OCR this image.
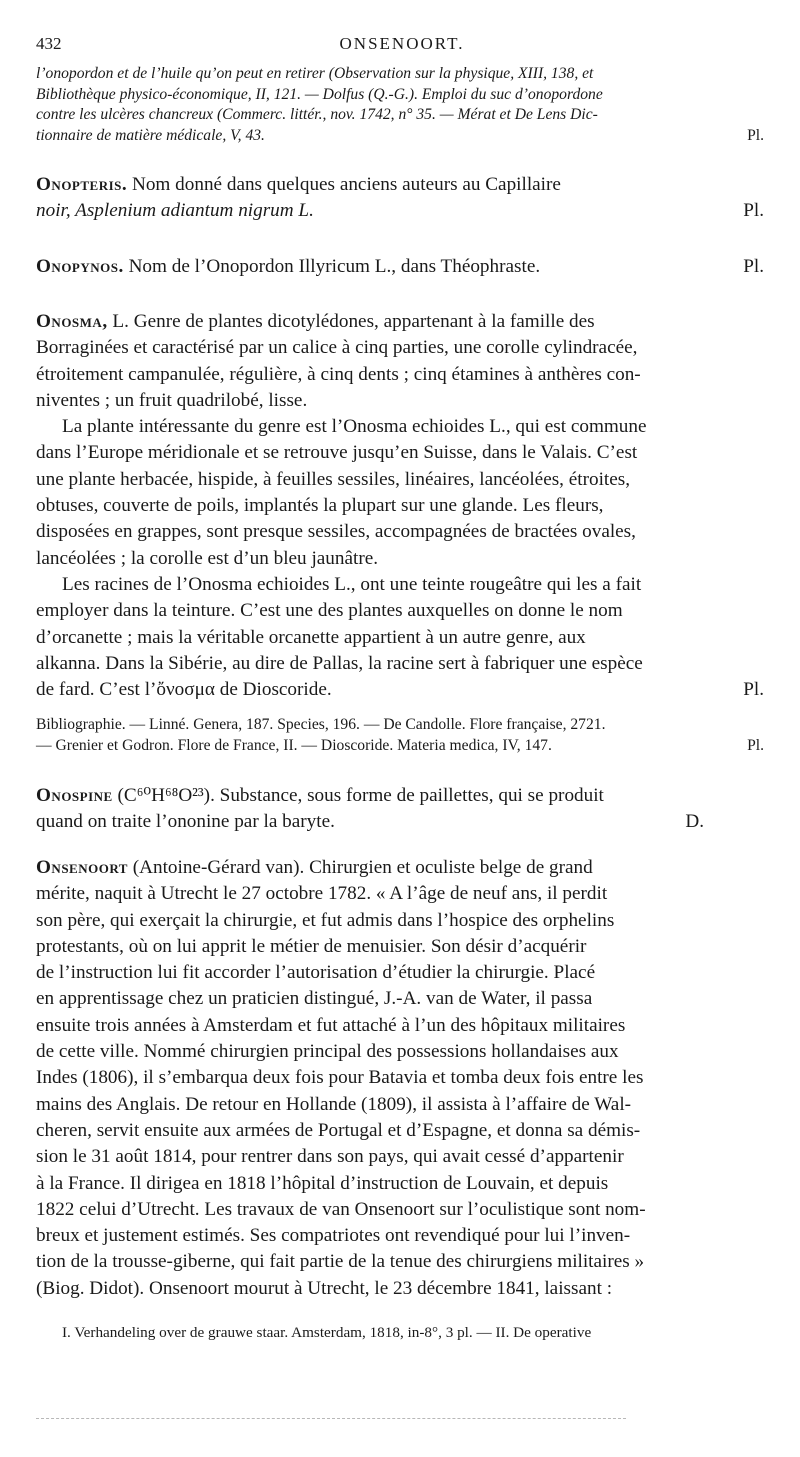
432	ONSENOORT.
l’onopordon et de l’huile qu’on peut en retirer (Observation sur la physique, XIII, 138, et
Bibliothèque physico-économique, II, 121. — Dolfus (Q.-G.). Emploi du suc d’onopordone
contre les ulcères chancreux (Commerc. littér., nov. 1742, n° 35. — Mérat et De Lens Dic-
tionnaire de matière médicale, V, 43.	Pl.
Onopteris. Nom donné dans quelques anciens auteurs au Capillaire
noir, Asplenium adiantum nigrum L.	Pl.
Onopynos. Nom de l’Onopordon Illyricum L., dans Théophraste.	Pl.
Onosma, L. Genre de plantes dicotylédones, appartenant à la famille des
Borraginées et caractérisé par un calice à cinq parties, une corolle cylindracée,
étroitement campanulée, régulière, à cinq dents ; cinq étamines à anthères con-
niventes ; un fruit quadrilobé, lisse.
La plante intéressante du genre est l’Onosma echioides L., qui est commune
dans l’Europe méridionale et se retrouve jusqu’en Suisse, dans le Valais. C’est
une plante herbacée, hispide, à feuilles sessiles, linéaires, lancéolées, étroites,
obtuses, couverte de poils, implantés la plupart sur une glande. Les fleurs,
disposées en grappes, sont presque sessiles, accompagnées de bractées ovales,
lancéolées ; la corolle est d’un bleu jaunâtre.
Les racines de l’Onosma echioides L., ont une teinte rougeâtre qui les a fait
employer dans la teinture. C’est une des plantes auxquelles on donne le nom
d’orcanette ; mais la véritable orcanette appartient à un autre genre, aux
alkanna. Dans la Sibérie, au dire de Pallas, la racine sert à fabriquer une espèce
de fard. C’est l’ὄνοσμα de Dioscoride.	Pl.
Bibliographie. — Linné. Genera, 187. Species, 196. — De Candolle. Flore française, 2721.
— Grenier et Godron. Flore de France, II. — Dioscoride. Materia medica, IV, 147.	Pl.
Onospine (C⁶⁰H⁶⁸O²³). Substance, sous forme de paillettes, qui se produit
quand on traite l’ononine par la baryte.	D.
Onsenoort (Antoine-Gérard van). Chirurgien et oculiste belge de grand
mérite, naquit à Utrecht le 27 octobre 1782. « A l’âge de neuf ans, il perdit
son père, qui exerçait la chirurgie, et fut admis dans l’hospice des orphelins
protestants, où on lui apprit le métier de menuisier. Son désir d’acquérir
de l’instruction lui fit accorder l’autorisation d’étudier la chirurgie. Placé
en apprentissage chez un praticien distingué, J.-A. van de Water, il passa
ensuite trois années à Amsterdam et fut attaché à l’un des hôpitaux militaires
de cette ville. Nommé chirurgien principal des possessions hollandaises aux
Indes (1806), il s’embarqua deux fois pour Batavia et tomba deux fois entre les
mains des Anglais. De retour en Hollande (1809), il assista à l’affaire de Wal-
cheren, servit ensuite aux armées de Portugal et d’Espagne, et donna sa démis-
sion le 31 août 1814, pour rentrer dans son pays, qui avait cessé d’appartenir
à la France. Il dirigea en 1818 l’hôpital d’instruction de Louvain, et depuis
1822 celui d’Utrecht. Les travaux de van Onsenoort sur l’oculistique sont nom-
breux et justement estimés. Ses compatriotes ont revendiqué pour lui l’inven-
tion de la trousse-giberne, qui fait partie de la tenue des chirurgiens militaires »
(Biog. Didot). Onsenoort mourut à Utrecht, le 23 décembre 1841, laissant :
I. Verhandeling over de grauwe staar. Amsterdam, 1818, in-8°, 3 pl. — II. De operative
